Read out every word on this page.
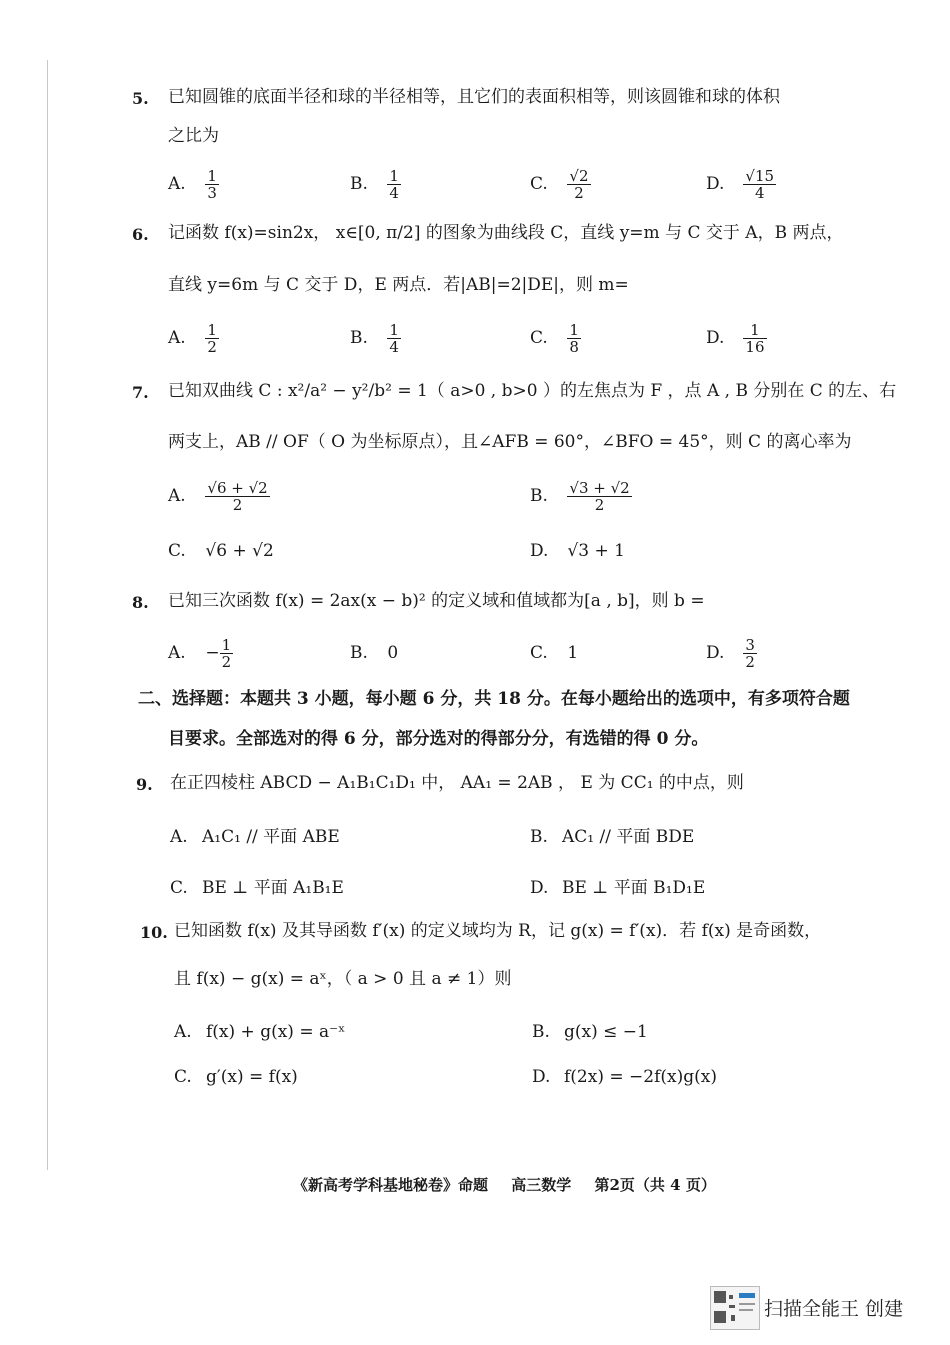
5. 已知圆锥的底面半径和球的半径相等，且它们的表面积相等，则该圆锥和球的体积
之比为
A. $\frac{1}{3}$	B. $\frac{1}{4}$	C. $\frac{√2}{2}$	D. $\frac{√15}{4}$
6. 记函数 f(x)=sin2x， x∈[0, π/2] 的图象为曲线段 C，直线 y=m 与 C 交于 A，B 两点，
直线 y=6m 与 C 交于 D，E 两点．若|AB|=2|DE|，则 m=
A. $\frac{1}{2}$	B. $\frac{1}{4}$	C. $\frac{1}{8}$	D. $\frac{1}{16}$
7. 已知双曲线 C : x²/a² − y²/b² = 1（ a>0 , b>0 ）的左焦点为 F ，点 A , B 分别在 C 的左、右
两支上，AB // OF（ O 为坐标原点），且∠AFB = 60°，∠BFO = 45°，则 C 的离心率为
A. $\frac{√6 + √2}{2}$	B. $\frac{√3 + √2}{2}$
C. √6 + √2	D. √3 + 1
8. 已知三次函数 f(x) = 2ax(x − b)² 的定义域和值域都为[a , b]，则 b =
A. − $\frac{1}{2}$	B. 0	C. 1	D. $\frac{3}{2}$
二、选择题：本题共 3 小题，每小题 6 分，共 18 分。在每小题给出的选项中，有多项符合题
目要求。全部选对的得 6 分，部分选对的得部分分，有选错的得 0 分。
9. 在正四棱柱 ABCD − A₁B₁C₁D₁ 中， AA₁ = 2AB ， E 为 CC₁ 的中点，则
A. A₁C₁ // 平面 ABE	B. AC₁ // 平面 BDE
C. BE ⊥ 平面 A₁B₁E	D. BE ⊥ 平面 B₁D₁E
10. 已知函数 f(x) 及其导函数 f′(x) 的定义域均为 R，记 g(x) = f′(x)．若 f(x) 是奇函数，
且 f(x) − g(x) = aˣ，（ a > 0 且 a ≠ 1）则
A. f(x) + g(x) = a⁻ˣ	B. g(x) ≤ −1
C. g′(x) = f(x)	D. f(2x) = −2f(x)g(x)
《新高考学科基地秘卷》命题 高三数学 第2页（共 4 页）
扫描全能王 创建
